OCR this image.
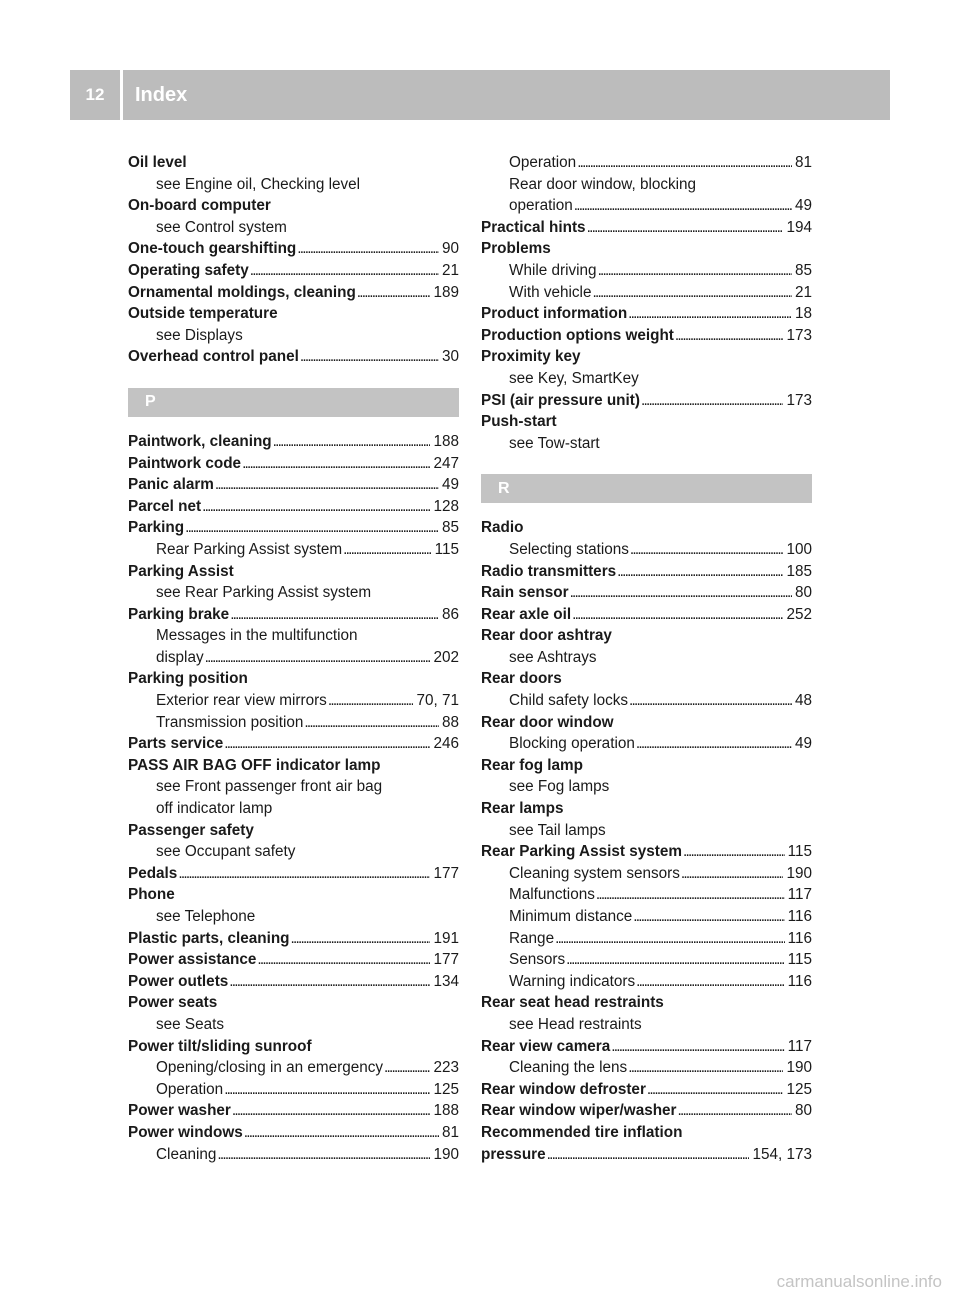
12	Index
Oil level
see Engine oil, Checking level
On-board computer
see Control system
One-touch gearshifting . . .	90
Operating safety . . .	21
Ornamental moldings, cleaning . . .	189
Outside temperature
see Displays
Overhead control panel . . .	30
P
Paintwork, cleaning . . .	188
Paintwork code . . .	247
Panic alarm . . .	49
Parcel net . . .	128
Parking . . .	85
Rear Parking Assist system . . .	115
Parking Assist
see Rear Parking Assist system
Parking brake . . .	86
Messages in the multifunction
display . . .	202
Parking position
Exterior rear view mirrors . . .	70, 71
Transmission position . . .	88
Parts service . . .	246
PASS AIR BAG OFF indicator lamp
see Front passenger front air bag
off indicator lamp
Passenger safety
see Occupant safety
Pedals . . .	177
Phone
see Telephone
Plastic parts, cleaning . . .	191
Power assistance . . .	177
Power outlets . . .	134
Power seats
see Seats
Power tilt/sliding sunroof
Opening/closing in an emergency . . .	223
Operation . . .	125
Power washer . . .	188
Power windows . . .	81
Cleaning . . .	190
Operation . . .	81
Rear door window, blocking
operation . . .	49
Practical hints . . .	194
Problems
While driving . . .	85
With vehicle . . .	21
Product information . . .	18
Production options weight . . .	173
Proximity key
see Key, SmartKey
PSI (air pressure unit) . . .	173
Push-start
see Tow-start
R
Radio
Selecting stations . . .	100
Radio transmitters . . .	185
Rain sensor . . .	80
Rear axle oil . . .	252
Rear door ashtray
see Ashtrays
Rear doors
Child safety locks . . .	48
Rear door window
Blocking operation . . .	49
Rear fog lamp
see Fog lamps
Rear lamps
see Tail lamps
Rear Parking Assist system . . .	115
Cleaning system sensors . . .	190
Malfunctions . . .	117
Minimum distance . . .	116
Range . . .	116
Sensors . . .	115
Warning indicators . . .	116
Rear seat head restraints
see Head restraints
Rear view camera . . .	117
Cleaning the lens . . .	190
Rear window defroster . . .	125
Rear window wiper/washer . . .	80
Recommended tire inflation
pressure . . .	154, 173
carmanualsonline.info
